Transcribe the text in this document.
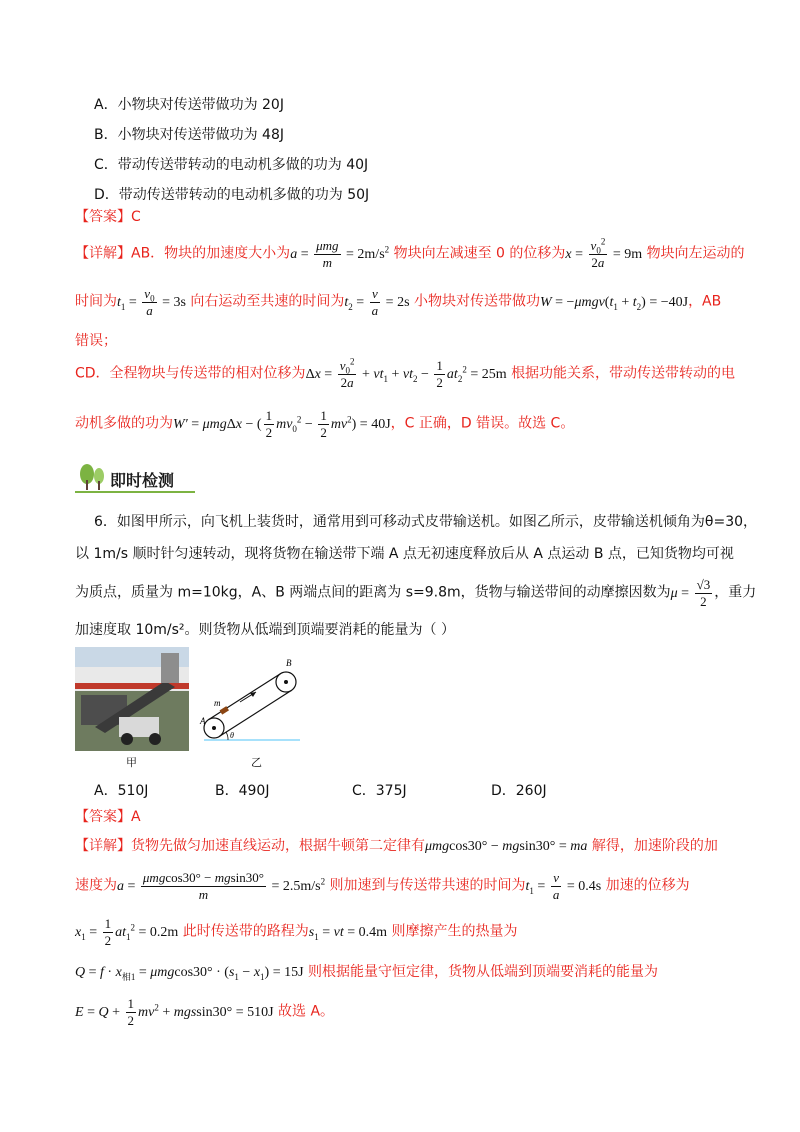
A．小物块对传送带做功为 20J
B．小物块对传送带做功为 48J
C．带动传送带转动的电动机多做的功为 40J
D．带动传送带转动的电动机多做的功为 50J
【答案】C
【详解】AB．物块的加速度大小为$a = \frac{\text{μmg}}{m} = 2m/s^2$ 物块向左减速至 0 的位移为$x = \frac{v_0^2}{2a} = 9m$ 物块向左运动的
时间为$t_1 = \frac{v_0}{a} = 3s$ 向右运动至共速的时间为$t_2 = \frac{v}{a} = 2s$ 小物块对传送带做功$W = -\mu mgv(t_1 + t_2) = -40J$，AB
错误；
CD．全程物块与传送带的相对位移为$\Delta x = \frac{v_0^2}{2a} + vt_1 + vt_2 - \frac{1}{2} at_2^2 = 25m$ 根据功能关系，带动传送带转动的电
动机多做的功为W′ = μmgΔx − ( $\frac{1}{2} mv_0^2 - \frac{1}{2} mv^2) = 40J$，C 正确，D 错误。故选 C。
即时检测
6．如图甲所示，向飞机上装货时，通常用到可移动式皮带输送机。如图乙所示，皮带输送机倾角为θ=30，
以 1m/s 顺时针匀速转动，现将货物在输送带下端 A 点无初速度释放后从 A 点运动 B 点，已知货物均可视
为质点，质量为 m=10kg，A、B 两端点间的距离为 s=9.8m，货物与输送带间的动摩擦因数为$\mu = \frac{√3}{2}$ ，重力
加速度取 10m/s²。则货物从低端到顶端要消耗的能量为（ ）
甲
A
B
m
θ
乙
A．510J	B．490J	C．375J	D．260J
【答案】A
【详解】货物先做匀加速直线运动，根据牛顿第二定律有μmgcos30° − mgsin30° = ma 解得，加速阶段的加
速度为$a = \frac{\text{μmgcos30° − mgsin30°}}{m} = 2.5m/s^2$ 则加速到与传送带共速的时间为$t_1 = \frac{v}{a} = 0.4s$ 加速的位移为
$x_1 = \frac{1}{2} at_1^2 = 0.2m$ 此时传送带的路程为$s_1$ = vt = 0.4m 则摩擦产生的热量为
$Q = f \cdot x_{相1} = \mu mgcos30^\circ \cdot (s_1 - x_1) = 15J$ 则根据能量守恒定律，货物从低端到顶端要消耗的能量为
$E = Q + \frac{1}{2} mv^2 + mgssin30^\circ = 510J$ 故选 A。
